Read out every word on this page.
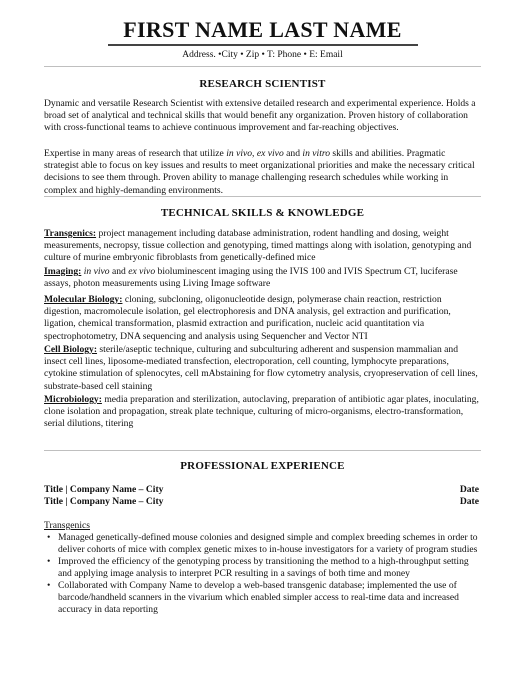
FIRST NAME LAST NAME
Address. •City • Zip • T: Phone • E: Email
RESEARCH SCIENTIST

Dynamic and versatile Research Scientist with extensive detailed research and experimental experience. Holds a broad set of analytical and technical skills that would benefit any organization. Proven history of collaboration with cross-functional teams to achieve continuous improvement and far-reaching objectives.

Expertise in many areas of research that utilize in vivo, ex vivo and in vitro skills and abilities. Pragmatic strategist able to focus on key issues and results to meet organizational priorities and make the necessary critical decisions to see them through. Proven ability to manage challenging research schedules while working in complex and highly-demanding environments.

TECHNICAL SKILLS & KNOWLEDGE

Transgenics: project management including database administration, rodent handling and dosing, weight measurements, necropsy, tissue collection and genotyping, timed mattings along with isolation, genotyping and culture of murine embryonic fibroblasts from genetically-defined mice

Imaging: in vivo and ex vivo bioluminescent imaging using the IVIS 100 and IVIS Spectrum CT, luciferase assays, photon measurements using Living Image software

Molecular Biology: cloning, subcloning, oligonucleotide design, polymerase chain reaction, restriction digestion, macromolecule isolation, gel electrophoresis and DNA analysis, gel extraction and purification, ligation, chemical transformation, plasmid extraction and purification, nucleic acid quantitation via spectrophotometry, DNA sequencing and analysis using Sequencher and Vector NTI

Cell Biology: sterile/aseptic technique, culturing and subculturing adherent and suspension mammalian and insect cell lines, liposome-mediated transfection, electroporation, cell counting, lymphocyte preparations, cytokine stimulation of splenocytes, cell mAbstaining for flow cytometry analysis, cryopreservation of cell lines, substrate-based cell staining

Microbiology: media preparation and sterilization, autoclaving, preparation of antibiotic agar plates, inoculating, clone isolation and propagation, streak plate technique, culturing of micro-organisms, electro-transformation, serial dilutions, titering

PROFESSIONAL EXPERIENCE
Title | Company Name – City	Date
Title | Company Name – City	Date
Transgenics
• Managed genetically-defined mouse colonies and designed simple and complex breeding schemes in order to deliver cohorts of mice with complex genetic mixes to in-house investigators for a variety of program studies
• Improved the efficiency of the genotyping process by transitioning the method to a high-throughput setting and applying image analysis to interpret PCR resulting in a savings of both time and money
• Collaborated with Company Name to develop a web-based transgenic database; implemented the use of barcode/handheld scanners in the vivarium which enabled simpler access to real-time data and increased accuracy in data reporting
